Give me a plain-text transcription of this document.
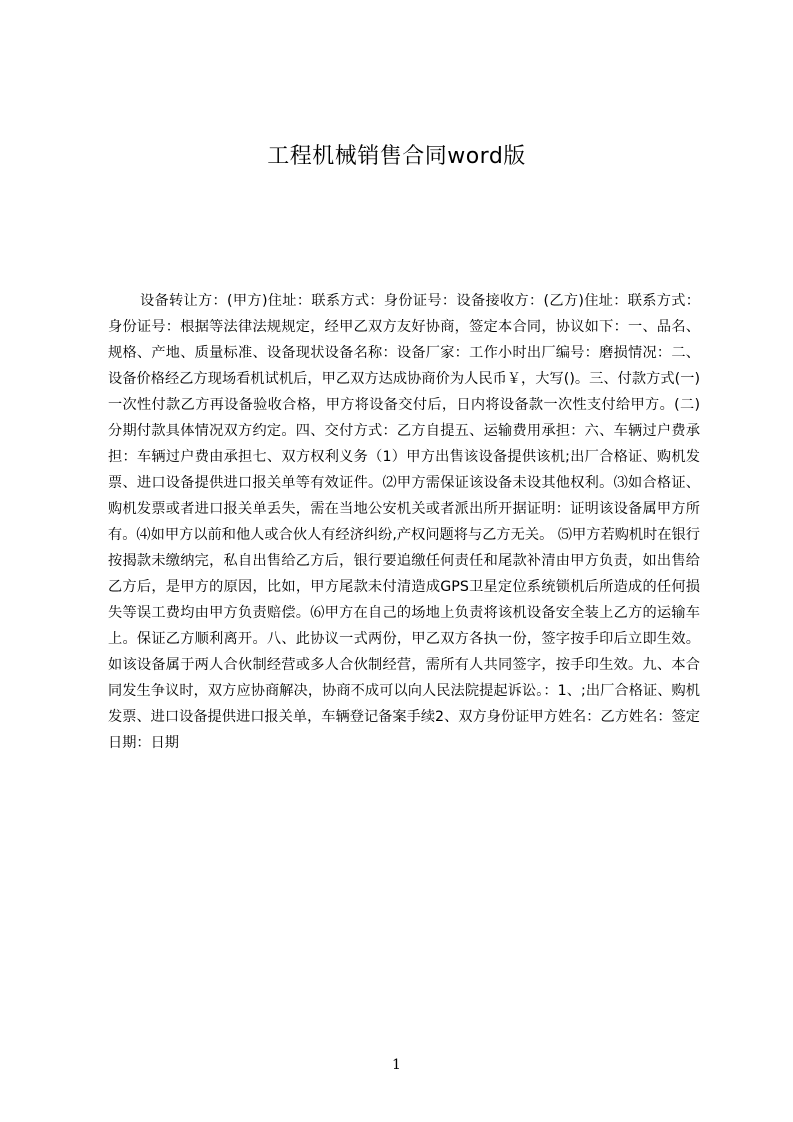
工程机械销售合同word版

设备转让方：(甲方)住址：联系方式：身份证号：设备接收方：(乙方)住址：联系方式：身份证号：根据等法律法规规定，经甲乙双方友好协商，签定本合同，协议如下：一、品名、规格、产地、质量标准、设备现状设备名称：设备厂家：工作小时出厂编号：磨损情况：二、设备价格经乙方现场看机试机后，甲乙双方达成协商价为人民币￥，大写()。三、付款方式(一)一次性付款乙方再设备验收合格，甲方将设备交付后，日内将设备款一次性支付给甲方。(二)分期付款具体情况双方约定。四、交付方式：乙方自提五、运输费用承担：六、车辆过户费承担：车辆过户费由承担七、双方权利义务（1）甲方出售该设备提供该机;出厂合格证、购机发票、进口设备提供进口报关单等有效证件。⑵甲方需保证该设备未设其他权利。⑶如合格证、购机发票或者进口报关单丢失，需在当地公安机关或者派出所开据证明：证明该设备属甲方所有。⑷如甲方以前和他人或合伙人有经济纠纷,产权问题将与乙方无关。 ⑸甲方若购机时在银行按揭款未缴纳完，私自出售给乙方后，银行要追缴任何责任和尾款补清由甲方负责，如出售给乙方后，是甲方的原因，比如，甲方尾款未付清造成GPS卫星定位系统锁机后所造成的任何损失等误工费均由甲方负责赔偿。⑹甲方在自己的场地上负责将该机设备安全装上乙方的运输车上。保证乙方顺利离开。八、此协议一式两份，甲乙双方各执一份，签字按手印后立即生效。如该设备属于两人合伙制经营或多人合伙制经营，需所有人共同签字，按手印生效。九、本合同发生争议时，双方应协商解决，协商不成可以向人民法院提起诉讼。：1、;出厂合格证、购机发票、进口设备提供进口报关单，车辆登记备案手续2、双方身份证甲方姓名：乙方姓名：签定日期：日期

1
